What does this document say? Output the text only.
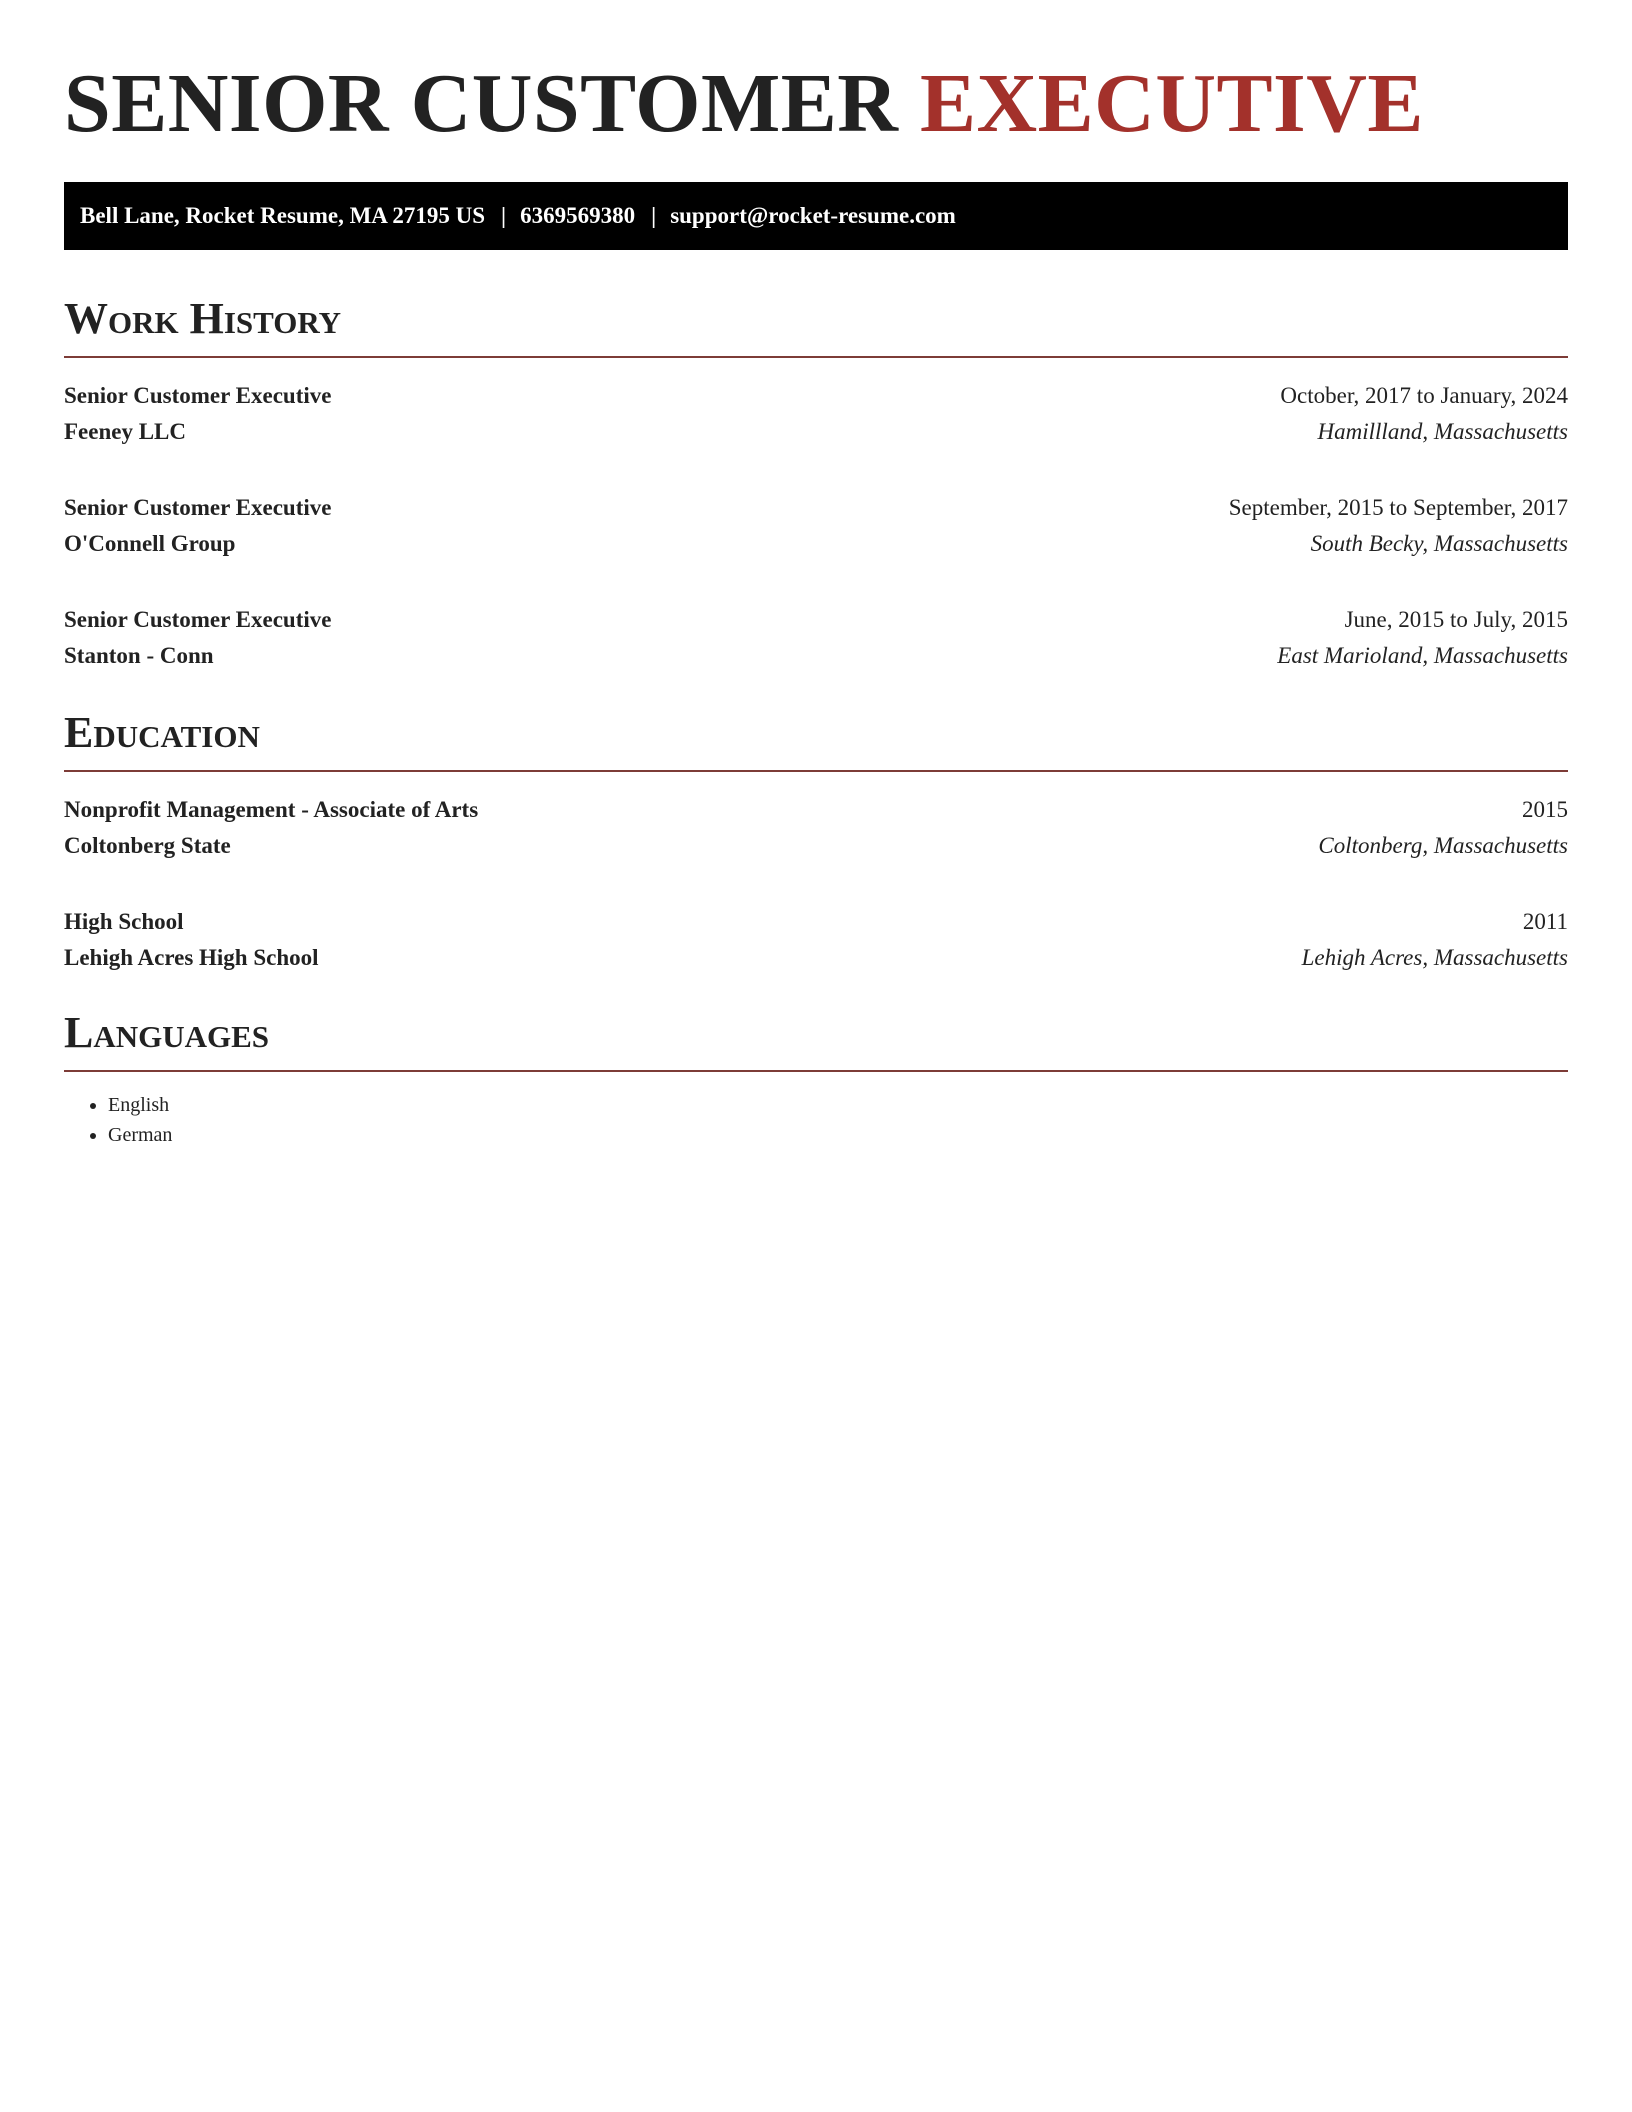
SENIOR CUSTOMER EXECUTIVE
Bell Lane, Rocket Resume, MA 27195 US | 6369569380 | support@rocket-resume.com
Work History
Senior Customer Executive	October, 2017 to January, 2024
Feeney LLC	Hamillland, Massachusetts
Senior Customer Executive	September, 2015 to September, 2017
O'Connell Group	South Becky, Massachusetts
Senior Customer Executive	June, 2015 to July, 2015
Stanton - Conn	East Marioland, Massachusetts
Education
Nonprofit Management - Associate of Arts	2015
Coltonberg State	Coltonberg, Massachusetts
High School	2011
Lehigh Acres High School	Lehigh Acres, Massachusetts
Languages
• English
• German
